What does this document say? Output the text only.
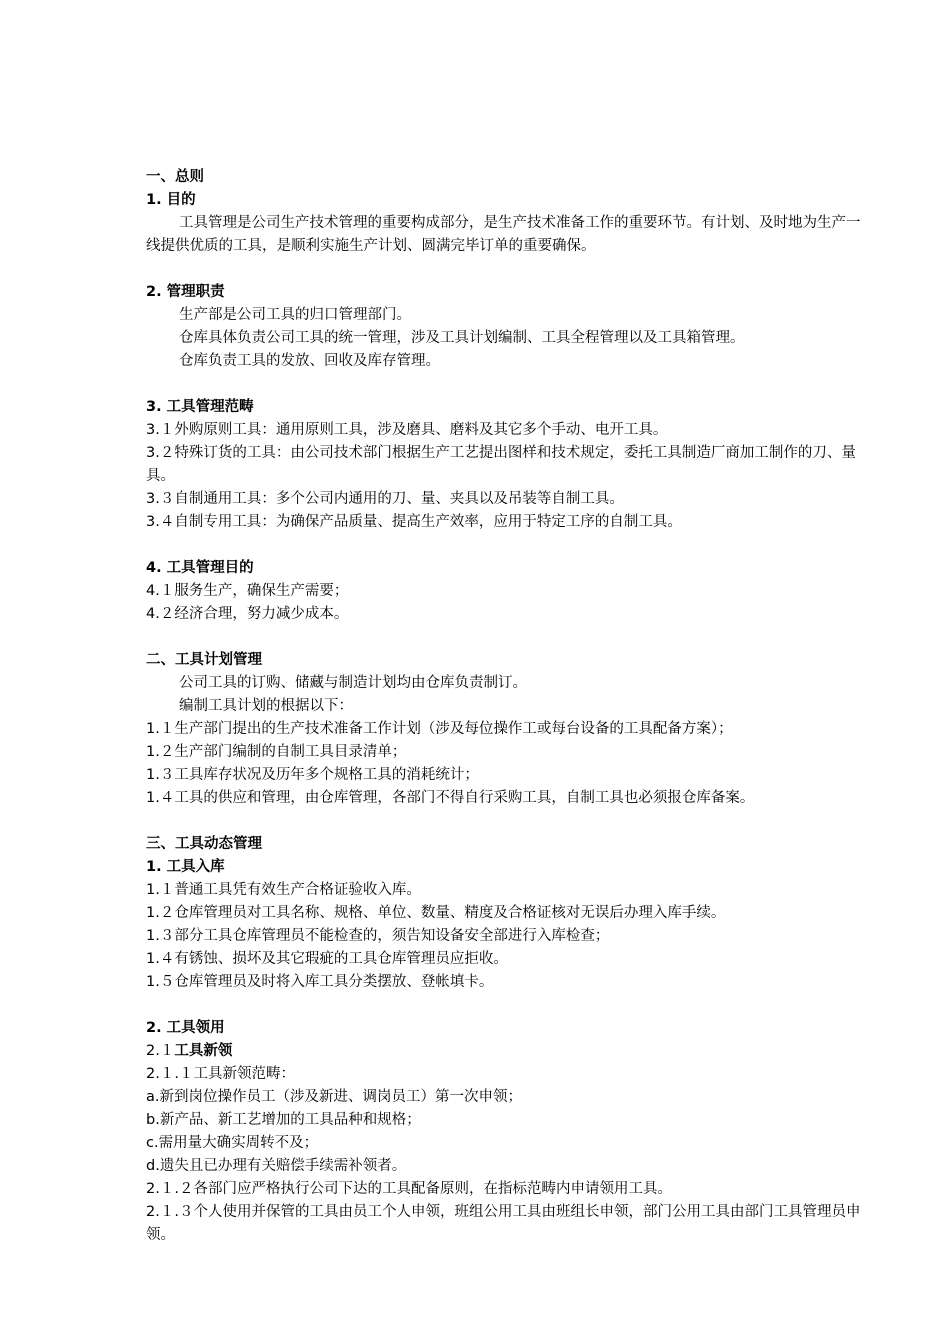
一、总则
1. 目的
工具管理是公司生产技术管理的重要构成部分，是生产技术准备工作的重要环节。有计划、及时地为生产一线提供优质的工具，是顺利实施生产计划、圆满完毕订单的重要确保。
2. 管理职责
生产部是公司工具的归口管理部门。
仓库具体负责公司工具的统一管理，涉及工具计划编制、工具全程管理以及工具箱管理。
仓库负责工具的发放、回收及库存管理。
3. 工具管理范畴
3.１外购原则工具：通用原则工具，涉及磨具、磨料及其它多个手动、电开工具。
3.２特殊订货的工具：由公司技术部门根据生产工艺提出图样和技术规定，委托工具制造厂商加工制作的刀、量具。
3.３自制通用工具：多个公司内通用的刀、量、夹具以及吊装等自制工具。
3.４自制专用工具：为确保产品质量、提高生产效率，应用于特定工序的自制工具。
4. 工具管理目的
4.１服务生产，确保生产需要；
4.２经济合理，努力减少成本。
二、工具计划管理
公司工具的订购、储藏与制造计划均由仓库负责制订。
编制工具计划的根据以下：
1.１生产部门提出的生产技术准备工作计划（涉及每位操作工或每台设备的工具配备方案）；
1.２生产部门编制的自制工具目录清单；
1.３工具库存状况及历年多个规格工具的消耗统计；
1.４工具的供应和管理，由仓库管理，各部门不得自行采购工具，自制工具也必须报仓库备案。
三、工具动态管理
1. 工具入库
1.１普通工具凭有效生产合格证验收入库。
1.２仓库管理员对工具名称、规格、单位、数量、精度及合格证核对无误后办理入库手续。
1.３部分工具仓库管理员不能检查的，须告知设备安全部进行入库检查；
1.４有锈蚀、损坏及其它瑕疵的工具仓库管理员应拒收。
1.５仓库管理员及时将入库工具分类摆放、登帐填卡。
2. 工具领用
2.１工具新领
2.１.１工具新领范畴：
a.新到岗位操作员工（涉及新进、调岗员工）第一次申领；
b.新产品、新工艺增加的工具品种和规格；
c.需用量大确实周转不及；
d.遗失且已办理有关赔偿手续需补领者。
2.１.２各部门应严格执行公司下达的工具配备原则，在指标范畴内申请领用工具。
2.１.３个人使用并保管的工具由员工个人申领，班组公用工具由班组长申领，部门公用工具由部门工具管理员申领。
